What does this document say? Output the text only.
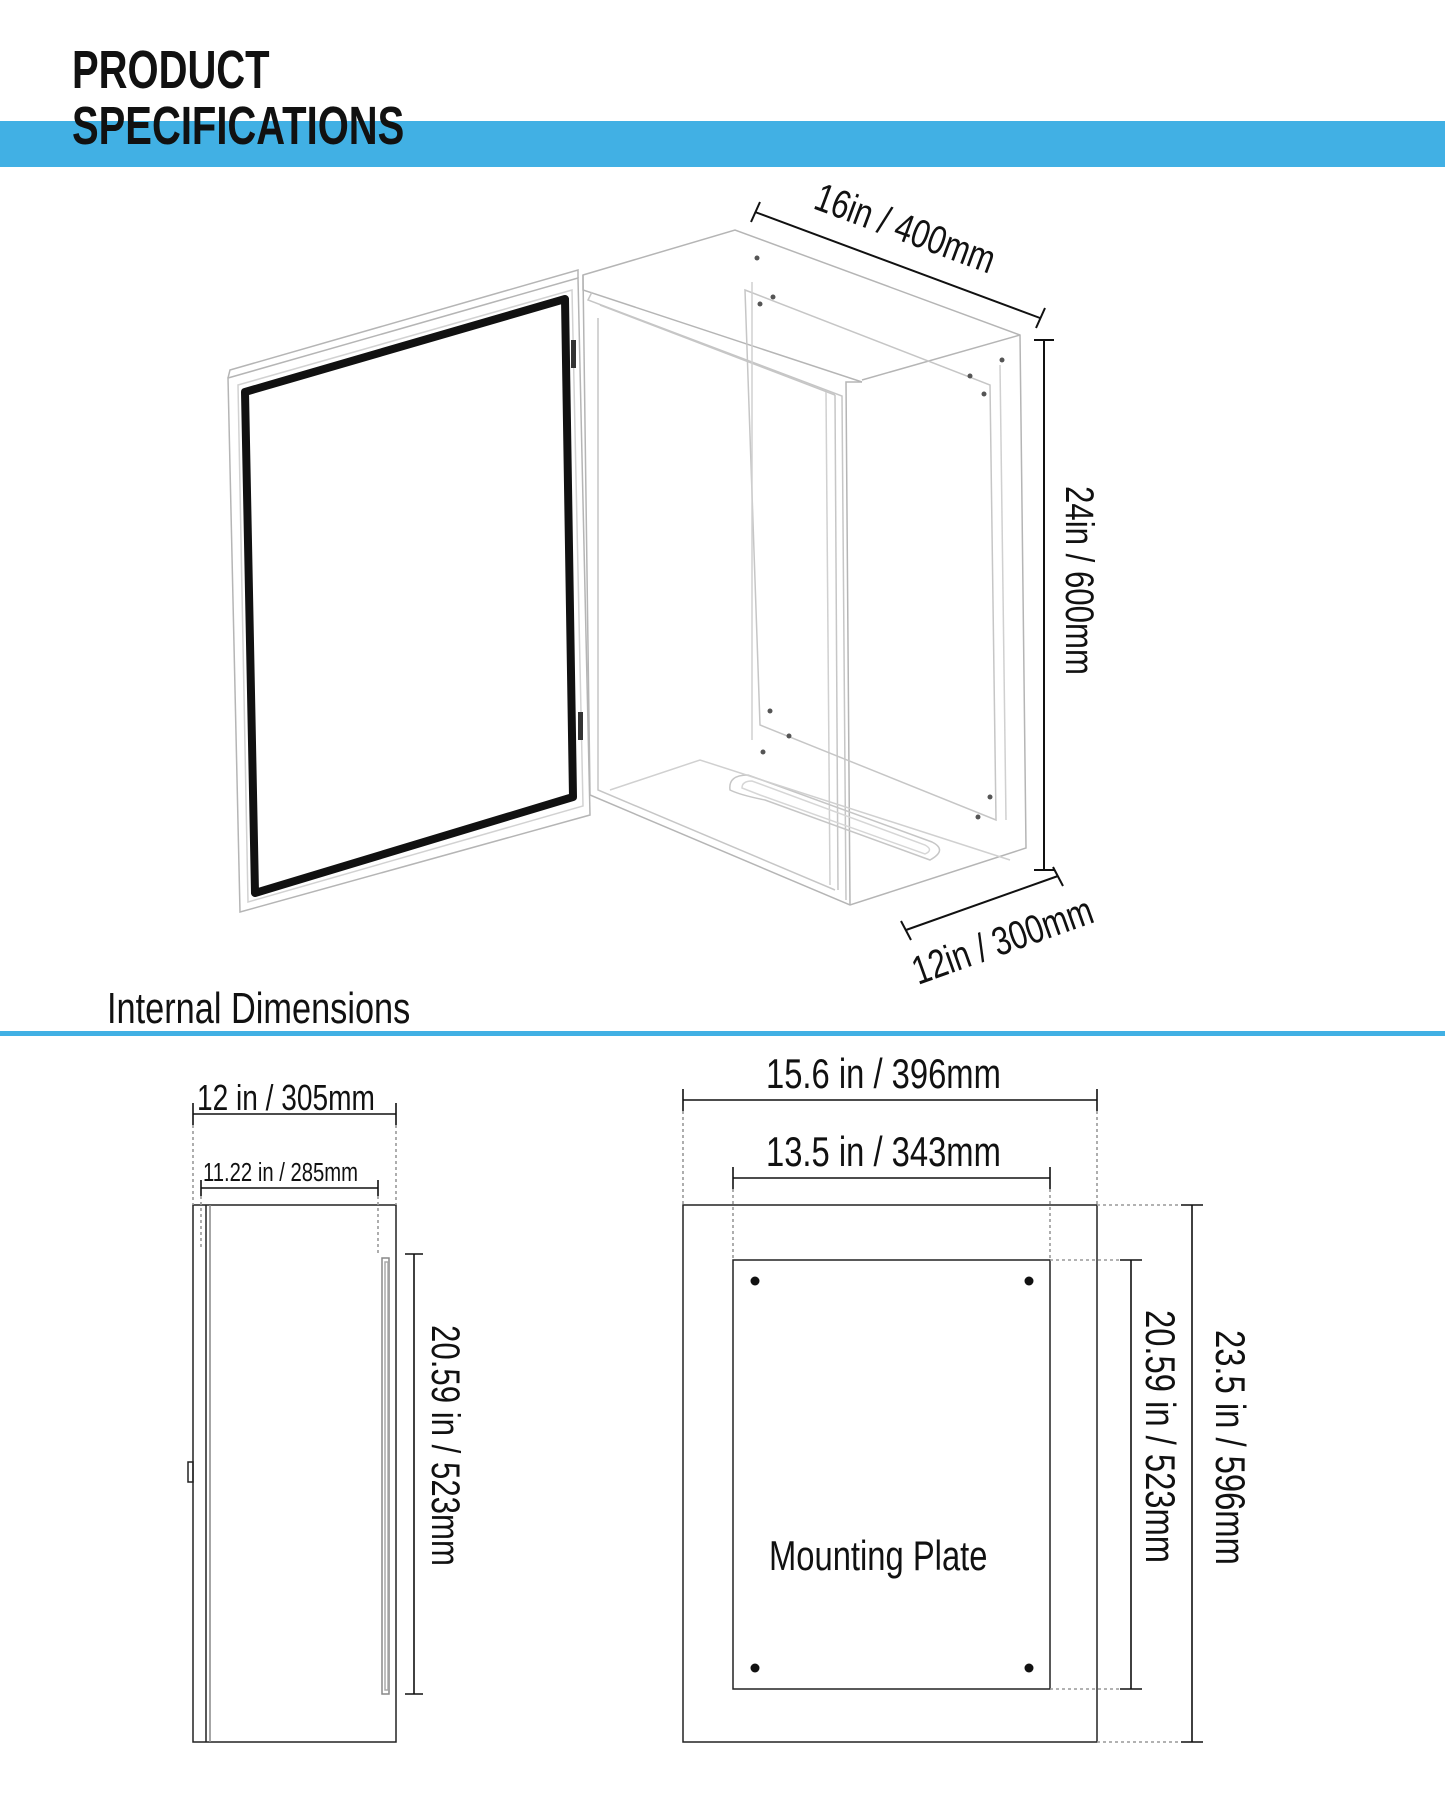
PRODUCT
SPECIFICATIONS
Internal Dimensions
16in / 400mm
24in / 600mm
12in / 300mm
12 in / 305mm
11.22 in / 285mm
20.59 in / 523mm
15.6 in / 396mm
13.5 in / 343mm
Mounting Plate	20.59 in / 523mm 23.5 in / 596mm
